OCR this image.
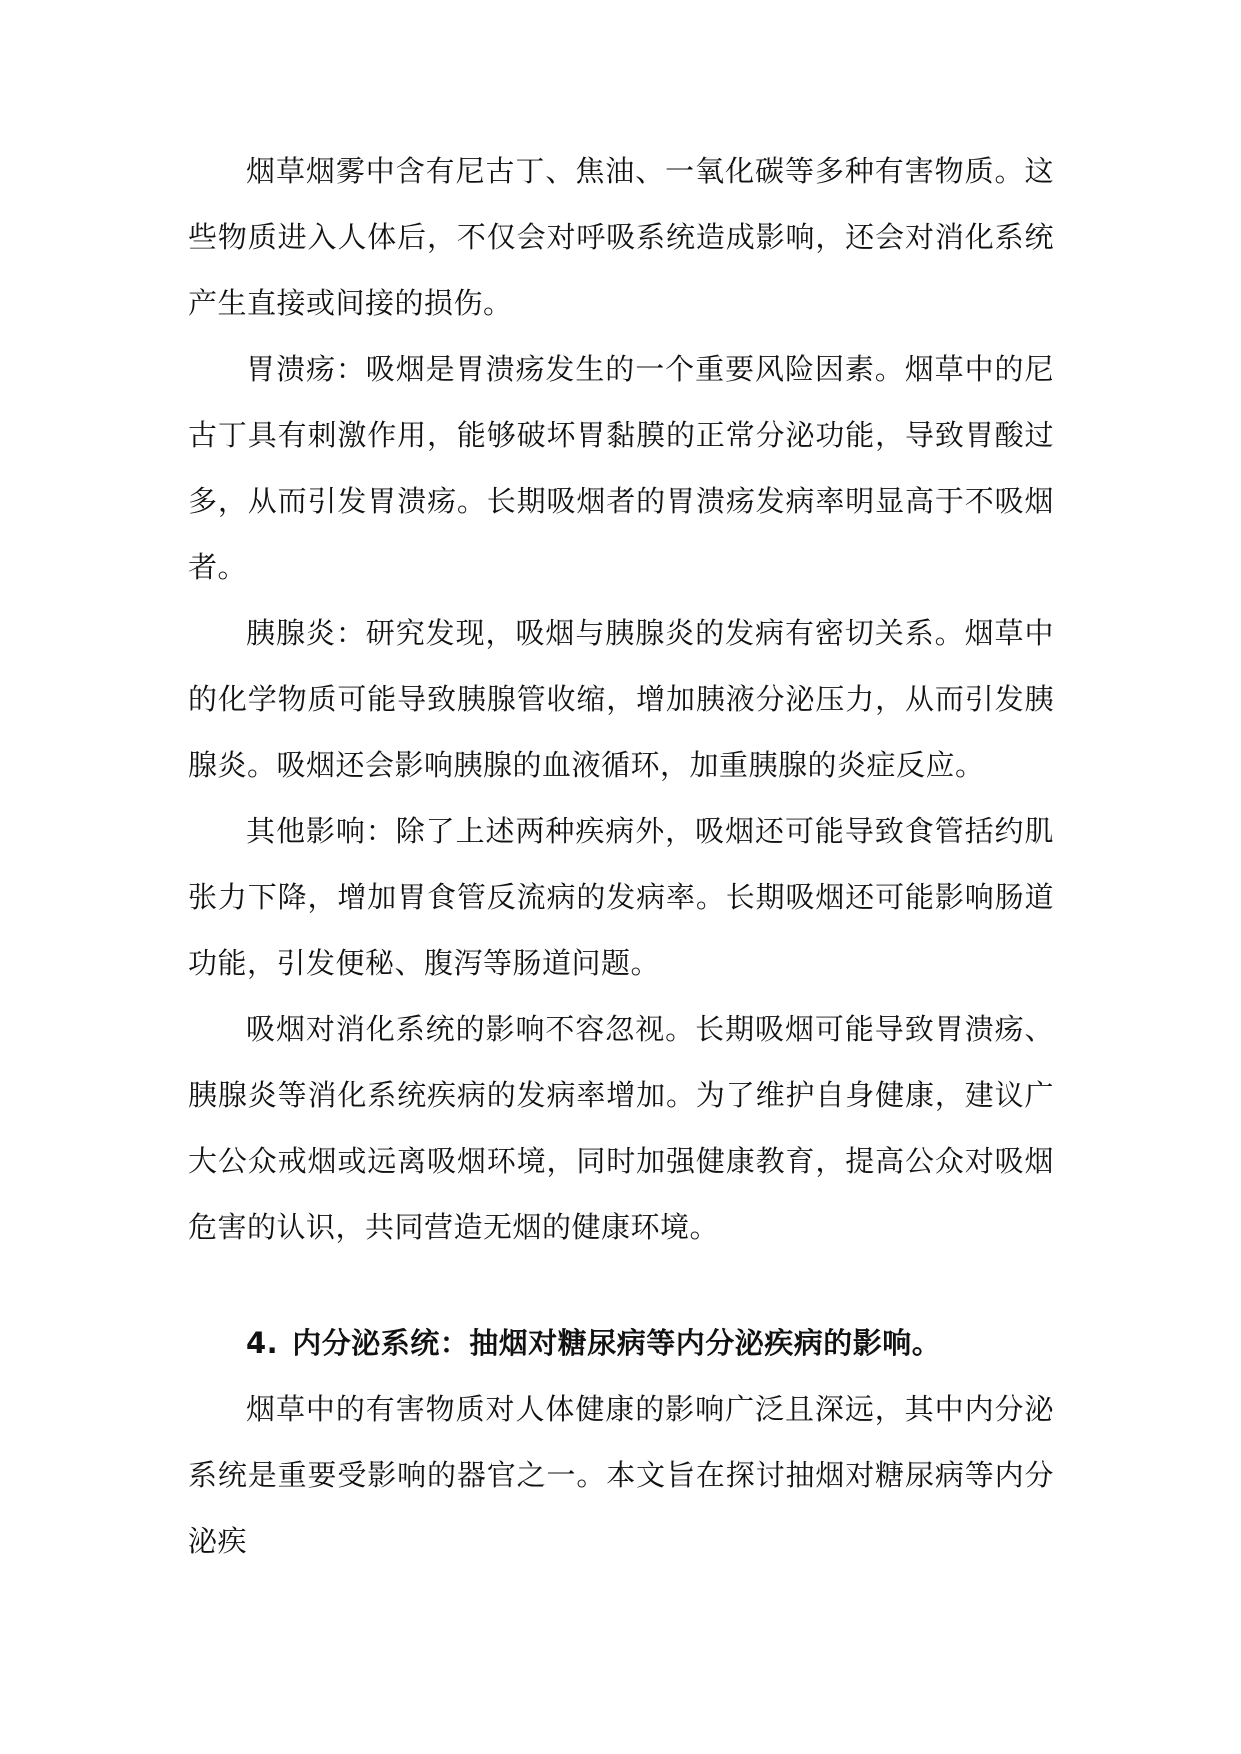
烟草烟雾中含有尼古丁、焦油、一氧化碳等多种有害物质。这些物质进入人体后，不仅会对呼吸系统造成影响，还会对消化系统产生直接或间接的损伤。

胃溃疡：吸烟是胃溃疡发生的一个重要风险因素。烟草中的尼古丁具有刺激作用，能够破坏胃黏膜的正常分泌功能，导致胃酸过多，从而引发胃溃疡。长期吸烟者的胃溃疡发病率明显高于不吸烟者。

胰腺炎：研究发现，吸烟与胰腺炎的发病有密切关系。烟草中的化学物质可能导致胰腺管收缩，增加胰液分泌压力，从而引发胰腺炎。吸烟还会影响胰腺的血液循环，加重胰腺的炎症反应。

其他影响：除了上述两种疾病外，吸烟还可能导致食管括约肌张力下降，增加胃食管反流病的发病率。长期吸烟还可能影响肠道功能，引发便秘、腹泻等肠道问题。

吸烟对消化系统的影响不容忽视。长期吸烟可能导致胃溃疡、胰腺炎等消化系统疾病的发病率增加。为了维护自身健康，建议广大公众戒烟或远离吸烟环境，同时加强健康教育，提高公众对吸烟危害的认识，共同营造无烟的健康环境。

4. 内分泌系统：抽烟对糖尿病等内分泌疾病的影响。

烟草中的有害物质对人体健康的影响广泛且深远，其中内分泌系统是重要受影响的器官之一。本文旨在探讨抽烟对糖尿病等内分泌疾
